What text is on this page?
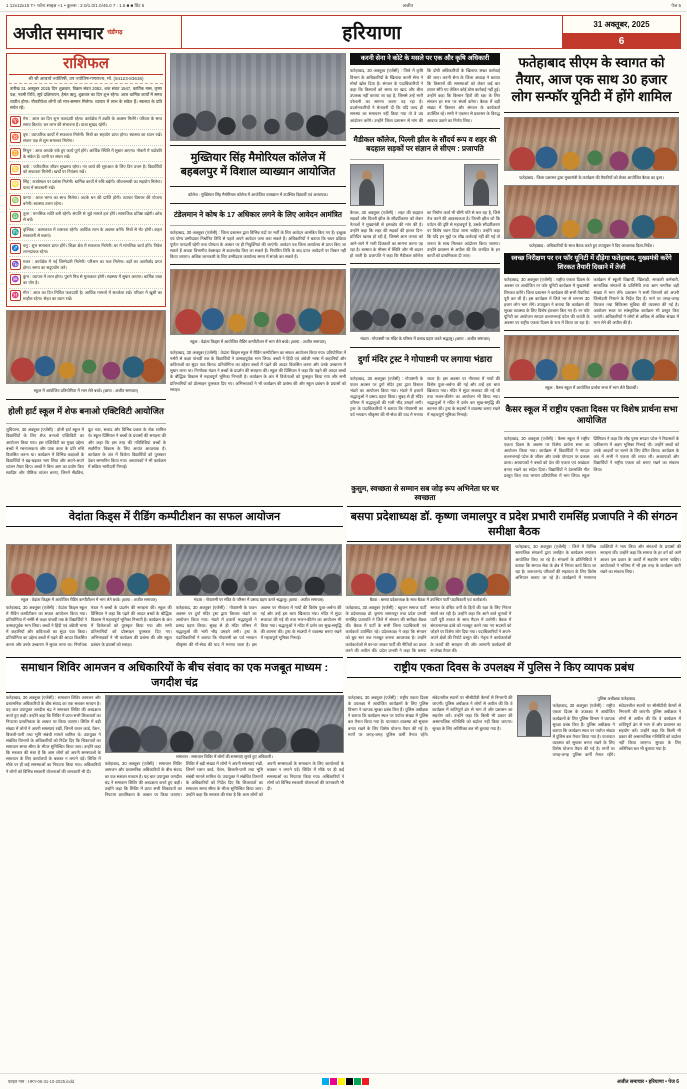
1 12x12x15 T+ फॉन्ट साइज़ +1 • कुल्ला : 2.0/1.0/1.0/45.0 7 : 1.5 ■ ■ प्रिंट 5	अजीत	पेज 5
अजीत समाचार चंडीगढ़	हरियाणा	31 अक्तूबर, 2025
6
राशिफल
श्री श्री आचार्य ज्योतिषी, उप ज्योतिष-गणराज्य, मो. (94123-83636)
तारीख 31 अक्तूबर 2025 दिन शुक्रवार, विक्रम संवत 2082, शक संवत 1947, कार्तिक मास, कृष्ण पक्ष, नवमी तिथि, सूर्य दक्षिणायन, हेमंत ऋतु, शुक्रवार का दिन शुभ रहेगा। आज धार्मिक कार्यों में समय व्यतीत होगा। नौकरीपेशा लोगों को मान-सम्मान मिलेगा। व्यापार में लाभ के संकेत हैं। स्वास्थ्य के प्रति सचेत रहें।
♈
मेष : आज का दिन शुभ फलदायी रहेगा। कार्यक्षेत्र में उन्नति के अवसर मिलेंगे। परिवार के साथ समय बिताएं। धन लाभ की संभावना है। यात्रा सुखद रहेगी।
♉
वृष : व्यापारिक कार्यों में सफलता मिलेगी। मित्रों का सहयोग प्राप्त होगा। स्वास्थ्य का ध्यान रखें। संतान पक्ष से शुभ समाचार मिलेगा।
♊
मिथुन : आज आपके रुके हुए कार्य पूर्ण होंगे। आर्थिक स्थिति में सुधार आएगा। नौकरी में पदोन्नति के संकेत हैं। वाणी पर संयम रखें।
♋
कर्क : पारिवारिक जीवन सुखमय रहेगा। नए कार्य की शुरुआत के लिए दिन उत्तम है। विद्यार्थियों को सफलता मिलेगी। खर्चों पर नियंत्रण रखें।
♌
सिंह : कार्यस्थल पर प्रशंसा मिलेगी। धार्मिक कार्यों में रुचि बढ़ेगी। जीवनसाथी का सहयोग मिलेगा। यात्रा में सावधानी रखें।
♍
कन्या : आज भाग्य का साथ मिलेगा। अटके धन की प्राप्ति होगी। व्यापार विस्तार की योजना बनेगी। स्वास्थ्य उत्तम रहेगा।
♎
तुला : मानसिक शांति बनी रहेगी। संपत्ति से जुड़े मामले हल होंगे। सामाजिक प्रतिष्ठा बढ़ेगी। क्रोध से बचें।
♏
वृश्चिक : कामकाज में व्यस्तता रहेगी। आर्थिक लाभ के अवसर बनेंगे। मित्रों से भेंट होगी। वाहन सावधानी से चलाएं।
♐
धनु : शुभ समाचार प्राप्त होंगे। शिक्षा क्षेत्र में सफलता मिलेगी। घर में मांगलिक कार्य होंगे। निवेश लाभदायक रहेगा।
♑
मकर : कार्यक्षेत्र में नई जिम्मेदारी मिलेगी। परिश्रम का फल मिलेगा। बड़ों का आशीर्वाद प्राप्त होगा। समय का सदुपयोग करें।
♒
कुंभ : व्यापार में लाभ होगा। पुराने मित्र से मुलाकात होगी। स्वास्थ्य में सुधार आएगा। धार्मिक यात्रा का योग है।
♓
मीन : आज का दिन मिश्रित फलदायी है। आर्थिक मामलों में सतर्कता रखें। परिवार में खुशी का माहौल रहेगा। सेहत का ध्यान रखें।
स्कूल में आयोजित प्रतियोगिता में भाग लेते बच्चे। (छाया : अजीत समाचार)
होली हार्ट स्कूल में शेफ बनाओ एक्टिविटी आयोजित
लुधियाना, 30 अक्तूबर (एजेंसी) : होली हार्ट स्कूल में विद्यार्थियों के लिए शेफ बनाओ एक्टिविटी का आयोजन किया गया। इस एक्टिविटी का मुख्य उद्देश्य बच्चों में रचनात्मकता और पाक कला के प्रति रुचि विकसित करना था। कार्यक्रम में विभिन्न कक्षाओं के विद्यार्थियों ने बढ़-चढ़कर भाग लिया और अपने-अपने व्यंजन तैयार किए। बच्चों ने बिना आग का प्रयोग किए स्वादिष्ट और पौष्टिक व्यंजन बनाए, जिनमें सैंडविच, फ्रूट चाट, सलाद और विभिन्न प्रकार के शेक शामिल थे। स्कूल प्रिंसिपल ने बच्चों के प्रयासों की सराहना की और कहा कि इस तरह की गतिविधियां बच्चों के सर्वांगीण विकास के लिए अत्यंत आवश्यक हैं। कार्यक्रम के अंत में विजेता विद्यार्थियों को पुरस्कार देकर सम्मानित किया गया। अध्यापकों ने भी कार्यक्रम में सक्रिय भागीदारी निभाई।
मुख्तियार सिंह मैमोरियल कॉलेज में बहबलपुर में विशाल व्याख्यान आयोजित
कॉलेज : मुख्तियार सिंह मैमोरियल कॉलेज में आयोजित व्याख्यान में उपस्थित विद्यार्थी एवं अध्यापक।
टंडेलमान ने कोष के 17 अधिकार लगने के लिए आवेदन आमंत्रित
फतेहाबाद, 30 अक्तूबर (एजेंसी) : जिला प्रशासन द्वारा विभिन्न पदों पर भर्ती के लिए आवेदन आमंत्रित किए गए हैं। इच्छुक एवं योग्य उम्मीदवार निर्धारित तिथि से पहले अपने आवेदन जमा करा सकते हैं। अधिकारियों ने बताया कि चयन प्रक्रिया पूर्णतः पारदर्शी रहेगी तथा योग्यता के आधार पर ही नियुक्तियां की जाएंगी। आवेदन पत्र जिला कार्यालय से प्राप्त किए जा सकते हैं अथवा विभागीय वेबसाइट से डाउनलोड किए जा सकते हैं। निर्धारित तिथि के बाद प्राप्त आवेदनों पर विचार नहीं किया जाएगा। अधिक जानकारी के लिए उम्मीदवार कार्यालय समय में संपर्क कर सकते हैं।
स्कूल : वेदांता किड्स में आयोजित रीडिंग कम्पीटीशन में भाग लेते बच्चे। (छाया : अजीत समाचार)
फतेहाबाद, 30 अक्तूबर (एजेंसी) : वेदांता किड्स स्कूल में रीडिंग कम्पीटीशन का सफल आयोजन किया गया। प्रतियोगिता में नर्सरी से कक्षा पांचवीं तक के विद्यार्थियों ने उत्साहपूर्वक भाग लिया। बच्चों ने हिंदी एवं अंग्रेजी भाषा में कहानियों और कविताओं का सुंदर पाठ किया। प्रतियोगिता का उद्देश्य बच्चों में पढ़ने की आदत विकसित करना और उनके उच्चारण में सुधार लाना था। निर्णायक मंडल ने बच्चों के प्रदर्शन की सराहना की। स्कूल की प्रिंसिपल ने कहा कि पढ़ने की आदत बच्चों के बौद्धिक विकास में महत्वपूर्ण भूमिका निभाती है। कार्यक्रम के अंत में विजेताओं को पुरस्कृत किया गया और सभी प्रतिभागियों को प्रोत्साहन पुरस्कार दिए गए। अभिभावकों ने भी कार्यक्रम की प्रशंसा की और स्कूल प्रबंधन के प्रयासों को सराहा।
करनी सेना ने कोटे के मसले पर एक और कृषि अधिकारी
फतेहाबाद, 30 अक्तूबर (एजेंसी) : जिले में कृषि विभाग के अधिकारियों के खिलाफ करनी सेना ने मोर्चा खोल दिया है। संगठन के पदाधिकारियों ने कहा कि किसानों को समय पर खाद और बीज उपलब्ध नहीं कराया जा रहा है, जिससे उन्हें भारी परेशानी का सामना करना पड़ रहा है। प्रदर्शनकारियों ने चेतावनी दी कि यदि जल्द ही समस्या का समाधान नहीं किया गया तो वे उग्र आंदोलन करेंगे। उन्होंने जिला प्रशासन से मांग की कि दोषी अधिकारियों के खिलाफ सख्त कार्रवाई की जाए। करनी सेना के जिला अध्यक्ष ने बताया कि किसानों की समस्याओं को लेकर कई बार ज्ञापन सौंपे गए लेकिन कोई ठोस कार्रवाई नहीं हुई। उन्होंने कहा कि किसान हितों की रक्षा के लिए संगठन हर स्तर पर संघर्ष करेगा। बैठक में बड़ी संख्या में किसान और संगठन के कार्यकर्ता उपस्थित रहे। सभी ने एकमत से प्रशासन के विरुद्ध आवाज उठाने का निर्णय लिया।
मैडीकल कॉलेज, पिल्ली झील के सौंदर्य रूप व शहर की बदहाल सड़कों पर संज्ञान ले सीएम : प्रजापति
कैथल, 30 अक्तूबर (एजेंसी) : शहर की बदहाल सड़कों और पिल्ली झील के सौंदर्यीकरण को लेकर नेताओं ने मुख्यमंत्री से हस्तक्षेप की मांग की है। उन्होंने कहा कि शहर की सड़कों की हालत दिन-प्रतिदिन खराब हो रही है, जिससे आम जनता को आने-जाने में भारी दिक्कतों का सामना करना पड़ रहा है। बरसात के मौसम में स्थिति और भी बदतर हो जाती है। प्रजापति ने कहा कि मैडीकल कॉलेज का निर्माण कार्य भी धीमी गति से चल रहा है, जिसे तेज करने की आवश्यकता है। पिल्ली झील जो कि पर्यटन की दृष्टि से महत्वपूर्ण है, उसके सौंदर्यीकरण पर विशेष ध्यान दिया जाना चाहिए। उन्होंने कहा कि यदि इन मुद्दों पर शीघ्र कार्रवाई नहीं की गई तो जनता के साथ मिलकर आंदोलन किया जाएगा। उन्होंने प्रशासन से अपील की कि जनहित के इन कार्यों को प्राथमिकता दी जाए।
भंडारा : गोपाष्टमी पर मंदिर के परिसर में प्रसाद ग्रहण करते श्रद्धालु। (छाया : अजीत समाचार)
दुर्गा मंदिर ट्रस्ट ने गोपाष्टमी पर लगाया भंडारा
फतेहाबाद, 30 अक्तूबर (एजेंसी) : गोपाष्टमी के पावन अवसर पर दुर्गा मंदिर ट्रस्ट द्वारा विशाल भंडारे का आयोजन किया गया। भंडारे में हजारों श्रद्धालुओं ने प्रसाद ग्रहण किया। सुबह से ही मंदिर परिसर में श्रद्धालुओं की भारी भीड़ उमड़ने लगी। ट्रस्ट के पदाधिकारियों ने बताया कि गोपाष्टमी का पर्व भगवान श्रीकृष्ण की गौ-सेवा की याद में मनाया जाता है। इस अवसर पर गौशाला में गायों की विशेष पूजा-अर्चना की गई और उन्हें हरा चारा खिलाया गया। मंदिर में सुंदर सजावट की गई थी तथा भजन-कीर्तन का आयोजन भी किया गया। श्रद्धालुओं ने मंदिर में दर्शन कर सुख-समृद्धि की कामना की। ट्रस्ट के सदस्यों ने व्यवस्था बनाए रखने में महत्वपूर्ण भूमिका निभाई।
फतेहाबाद सीएम के स्वागत को तैयार, आज एक साथ 30 हजार लोग सन्फॉर यूनिटी में होंगे शामिल
फतेहाबाद : जिला प्रशासन द्वारा मुख्यमंत्री के कार्यक्रम की तैयारियों को लेकर आयोजित बैठक का दृश्य।
फतेहाबाद : अधिकारियों के साथ बैठक करते हुए उपायुक्त ने दिए आवश्यक दिशा-निर्देश।
स्वच्छ निरीक्षण पर रन फॉर यूनिटी में दौड़ेगा फतेहाबाद, मुख्यमंत्री करेंगे शिरकत तैयारी दिखाने में तेजी
फतेहाबाद, 30 अक्तूबर (एजेंसी) : राष्ट्रीय एकता दिवस के अवसर पर आयोजित रन फॉर यूनिटी कार्यक्रम में मुख्यमंत्री शिरकत करेंगे। जिला प्रशासन ने कार्यक्रम की सभी तैयारियां पूरी कर ली हैं। इस कार्यक्रम में जिले भर से लगभग 30 हजार लोग भाग लेंगे। उपायुक्त ने बताया कि कार्यक्रम की सुरक्षा व्यवस्था के लिए विशेष इंतजाम किए गए हैं। रन फॉर यूनिटी का आयोजन सरदार वल्लभभाई पटेल की जयंती के अवसर पर राष्ट्रीय एकता दिवस के रूप में किया जा रहा है। कार्यक्रम में स्कूली विद्यार्थी, खिलाड़ी, सरकारी कर्मचारी, सामाजिक संगठनों के प्रतिनिधि तथा आम नागरिक बड़ी संख्या में भाग लेंगे। प्रशासन ने सभी विभागों को अपनी जिम्मेदारी निभाने के निर्देश दिए हैं। मार्ग पर जगह-जगह पेयजल तथा चिकित्सा सुविधा की व्यवस्था की गई है। आयोजन स्थल पर सांस्कृतिक कार्यक्रम भी प्रस्तुत किए जाएंगे। अधिकारियों ने लोगों से अधिक से अधिक संख्या में भाग लेने की अपील की है।
स्कूल : कैसर स्कूल में आयोजित प्रार्थना सभा में भाग लेते विद्यार्थी।
कैसर स्कूल में राष्ट्रीय एकता दिवस पर विशेष प्रार्थना सभा आयोजित
फतेहाबाद, 30 अक्तूबर (एजेंसी) : कैसर स्कूल में राष्ट्रीय एकता दिवस के अवसर पर विशेष प्रार्थना सभा का आयोजन किया गया। कार्यक्रम में विद्यार्थियों ने सरदार वल्लभभाई पटेल के जीवन और उनके योगदान पर प्रकाश डाला। अध्यापकों ने बच्चों को देश की एकता एवं अखंडता बनाए रखने का संदेश दिया। विद्यार्थियों ने देशभक्ति गीत प्रस्तुत किए तथा भाषण प्रतियोगिता में भाग लिया। स्कूल प्रिंसिपल ने कहा कि लौह पुरुष सरदार पटेल ने रियासतों के एकीकरण में अहम भूमिका निभाई थी। उन्होंने बच्चों को उनके आदर्शों पर चलने के लिए प्रेरित किया। कार्यक्रम के अंत में सभी ने एकता की शपथ ली। अध्यापकों और विद्यार्थियों ने राष्ट्रीय एकता को बनाए रखने का संकल्प लिया।
कुसुम, स्वच्छता से सम्मान सब जोड़ रूप अभिनेता घर घर स्वच्छता
वेदांता किड्स में रीडिंग कम्पीटीशन का सफल आयोजन	बसपा प्रदेशाध्यक्ष डॉ. कृष्णा जमालपुर व प्रदेश प्रभारी रामसिंह प्रजापति ने की संगठन समीक्षा बैठक
स्कूल : वेदांता किड्स में आयोजित रीडिंग कम्पीटीशन में भाग लेते बच्चे। (छाया : अजीत समाचार)
फतेहाबाद, 30 अक्तूबर (एजेंसी) : वेदांता किड्स स्कूल में रीडिंग कम्पीटीशन का सफल आयोजन किया गया। प्रतियोगिता में नर्सरी से कक्षा पांचवीं तक के विद्यार्थियों ने उत्साहपूर्वक भाग लिया। बच्चों ने हिंदी एवं अंग्रेजी भाषा में कहानियों और कविताओं का सुंदर पाठ किया। प्रतियोगिता का उद्देश्य बच्चों में पढ़ने की आदत विकसित करना और उनके उच्चारण में सुधार लाना था। निर्णायक मंडल ने बच्चों के प्रदर्शन की सराहना की। स्कूल की प्रिंसिपल ने कहा कि पढ़ने की आदत बच्चों के बौद्धिक विकास में महत्वपूर्ण भूमिका निभाती है। कार्यक्रम के अंत में विजेताओं को पुरस्कृत किया गया और सभी प्रतिभागियों को प्रोत्साहन पुरस्कार दिए गए। अभिभावकों ने भी कार्यक्रम की प्रशंसा की और स्कूल प्रबंधन के प्रयासों को सराहा।
भंडारा : गोपाष्टमी पर मंदिर के परिसर में प्रसाद ग्रहण करते श्रद्धालु। (छाया : अजीत समाचार)
फतेहाबाद, 30 अक्तूबर (एजेंसी) : गोपाष्टमी के पावन अवसर पर दुर्गा मंदिर ट्रस्ट द्वारा विशाल भंडारे का आयोजन किया गया। भंडारे में हजारों श्रद्धालुओं ने प्रसाद ग्रहण किया। सुबह से ही मंदिर परिसर में श्रद्धालुओं की भारी भीड़ उमड़ने लगी। ट्रस्ट के पदाधिकारियों ने बताया कि गोपाष्टमी का पर्व भगवान श्रीकृष्ण की गौ-सेवा की याद में मनाया जाता है। इस अवसर पर गौशाला में गायों की विशेष पूजा-अर्चना की गई और उन्हें हरा चारा खिलाया गया। मंदिर में सुंदर सजावट की गई थी तथा भजन-कीर्तन का आयोजन भी किया गया। श्रद्धालुओं ने मंदिर में दर्शन कर सुख-समृद्धि की कामना की। ट्रस्ट के सदस्यों ने व्यवस्था बनाए रखने में महत्वपूर्ण भूमिका निभाई।
बैठक : बसपा प्रदेशाध्यक्ष के साथ बैठक में उपस्थित पार्टी पदाधिकारी एवं कार्यकर्ता।
फतेहाबाद, 30 अक्तूबर (एजेंसी) : बहुजन समाज पार्टी के प्रदेशाध्यक्ष डॉ. कृष्णा जमालपुर तथा प्रदेश प्रभारी रामसिंह प्रजापति ने जिले में संगठन की समीक्षा बैठक की। बैठक में पार्टी के सभी जिला पदाधिकारी एवं कार्यकर्ता उपस्थित रहे। प्रदेशाध्यक्ष ने कहा कि संगठन को बूथ स्तर तक मजबूत बनाना आवश्यक है। उन्होंने कार्यकर्ताओं से घर-घर जाकर पार्टी की नीतियों का प्रचार करने की अपील की। प्रदेश प्रभारी ने कहा कि बसपा समाज के वंचित वर्गों के हितों की रक्षा के लिए निरंतर संघर्ष कर रही है। उन्होंने कहा कि आने वाले चुनावों में पार्टी पूरी ताकत के साथ मैदान में उतरेगी। बैठक में संगठनात्मक ढांचे को मजबूत करने तथा नए सदस्यों को जोड़ने पर विशेष जोर दिया गया। पदाधिकारियों ने अपने-अपने क्षेत्रों की रिपोर्ट प्रस्तुत की। नेतृत्व ने कार्यकर्ताओं के कार्यों की सराहना की और आगामी कार्यक्रमों की रूपरेखा तैयार की।
फतेहाबाद, 30 अक्तूबर (एजेंसी) : जिले में विभिन्न सामाजिक संगठनों द्वारा जनहित के कार्यक्रम लगातार आयोजित किए जा रहे हैं। संगठनों के प्रतिनिधियों ने बताया कि समाज सेवा के क्षेत्र में निरंतर कार्य किया जा रहा है। जरूरतमंद परिवारों की सहायता के लिए विशेष अभियान चलाए जा रहे हैं। कार्यक्रमों में गणमान्य व्यक्तियों ने भाग लिया और संगठनों के प्रयासों की सराहना की। उन्होंने कहा कि समाज के हर वर्ग को आगे आकर इस प्रकार के कार्यों में सहयोग करना चाहिए। आयोजकों ने भविष्य में भी इस तरह के कार्यक्रम जारी रखने का संकल्प लिया।
समाधान शिविर आमजन व अधिकारियों के बीच संवाद का एक मजबूत माध्यम : जगदीश चंद्र
राष्ट्रीय एकता दिवस के उपलक्ष्य में पुलिस ने किए व्यापक प्रबंध
फतेहाबाद, 30 अक्तूबर (एजेंसी) : समाधान शिविर आमजन और प्रशासनिक अधिकारियों के बीच संवाद का एक सशक्त माध्यम है। यह बात उपायुक्त जगदीश चंद्र ने समाधान शिविर की अध्यक्षता करते हुए कही। उन्होंने कहा कि शिविर में प्राप्त सभी शिकायतों का निपटारा प्राथमिकता के आधार पर किया जाएगा। शिविर में बड़ी संख्या में लोगों ने अपनी समस्याएं रखीं, जिनमें राशन कार्ड, पेंशन, बिजली-पानी तथा भूमि संबंधी मामले शामिल थे। उपायुक्त ने संबंधित विभागों के अधिकारियों को निर्देश दिए कि शिकायतों का समाधान समय सीमा के भीतर सुनिश्चित किया जाए। उन्होंने कहा कि सरकार की मंशा है कि आम लोगों को अपनी समस्याओं के समाधान के लिए कार्यालयों के चक्कर न लगाने पड़ें। शिविर में मौके पर ही कई समस्याओं का निपटारा किया गया। अधिकारियों ने लोगों को विभिन्न सरकारी योजनाओं की जानकारी भी दी।
समाधान : समाधान शिविर में लोगों की समस्याएं सुनते हुए अधिकारी।
फतेहाबाद, 30 अक्तूबर (एजेंसी) : समाधान शिविर आमजन और प्रशासनिक अधिकारियों के बीच संवाद का एक सशक्त माध्यम है। यह बात उपायुक्त जगदीश चंद्र ने समाधान शिविर की अध्यक्षता करते हुए कही। उन्होंने कहा कि शिविर में प्राप्त सभी शिकायतों का निपटारा प्राथमिकता के आधार पर किया जाएगा। शिविर में बड़ी संख्या में लोगों ने अपनी समस्याएं रखीं, जिनमें राशन कार्ड, पेंशन, बिजली-पानी तथा भूमि संबंधी मामले शामिल थे। उपायुक्त ने संबंधित विभागों के अधिकारियों को निर्देश दिए कि शिकायतों का समाधान समय सीमा के भीतर सुनिश्चित किया जाए। उन्होंने कहा कि सरकार की मंशा है कि आम लोगों को अपनी समस्याओं के समाधान के लिए कार्यालयों के चक्कर न लगाने पड़ें। शिविर में मौके पर ही कई समस्याओं का निपटारा किया गया। अधिकारियों ने लोगों को विभिन्न सरकारी योजनाओं की जानकारी भी दी।
फतेहाबाद, 30 अक्तूबर (एजेंसी) : राष्ट्रीय एकता दिवस के उपलक्ष्य में आयोजित कार्यक्रमों के लिए पुलिस विभाग ने व्यापक सुरक्षा प्रबंध किए हैं। पुलिस अधीक्षक ने बताया कि कार्यक्रम स्थल पर पर्याप्त संख्या में पुलिस बल तैनात किया गया है। यातायात व्यवस्था को सुचारू बनाए रखने के लिए विशेष योजना तैयार की गई है। मार्गों पर जगह-जगह पुलिस कर्मी तैनात रहेंगे। संवेदनशील स्थानों पर सीसीटीवी कैमरों से निगरानी की जाएगी। पुलिस अधीक्षक ने लोगों से अपील की कि वे कार्यक्रम में शांतिपूर्ण ढंग से भाग लें और प्रशासन का सहयोग करें। उन्होंने कहा कि किसी भी प्रकार की असामाजिक गतिविधि को बर्दाश्त नहीं किया जाएगा। सुरक्षा के लिए अतिरिक्त बल भी बुलाया गया है।
पुलिस अधीक्षक फतेहाबाद
फतेहाबाद, 30 अक्तूबर (एजेंसी) : राष्ट्रीय एकता दिवस के उपलक्ष्य में आयोजित कार्यक्रमों के लिए पुलिस विभाग ने व्यापक सुरक्षा प्रबंध किए हैं। पुलिस अधीक्षक ने बताया कि कार्यक्रम स्थल पर पर्याप्त संख्या में पुलिस बल तैनात किया गया है। यातायात व्यवस्था को सुचारू बनाए रखने के लिए विशेष योजना तैयार की गई है। मार्गों पर जगह-जगह पुलिस कर्मी तैनात रहेंगे। संवेदनशील स्थानों पर सीसीटीवी कैमरों से निगरानी की जाएगी। पुलिस अधीक्षक ने लोगों से अपील की कि वे कार्यक्रम में शांतिपूर्ण ढंग से भाग लें और प्रशासन का सहयोग करें। उन्होंने कहा कि किसी भी प्रकार की असामाजिक गतिविधि को बर्दाश्त नहीं किया जाएगा। सुरक्षा के लिए अतिरिक्त बल भी बुलाया गया है।
फाइल नाम : HRY-06-31-10-2025.indd	अजीत समाचार • हरियाणा • पेज 6
